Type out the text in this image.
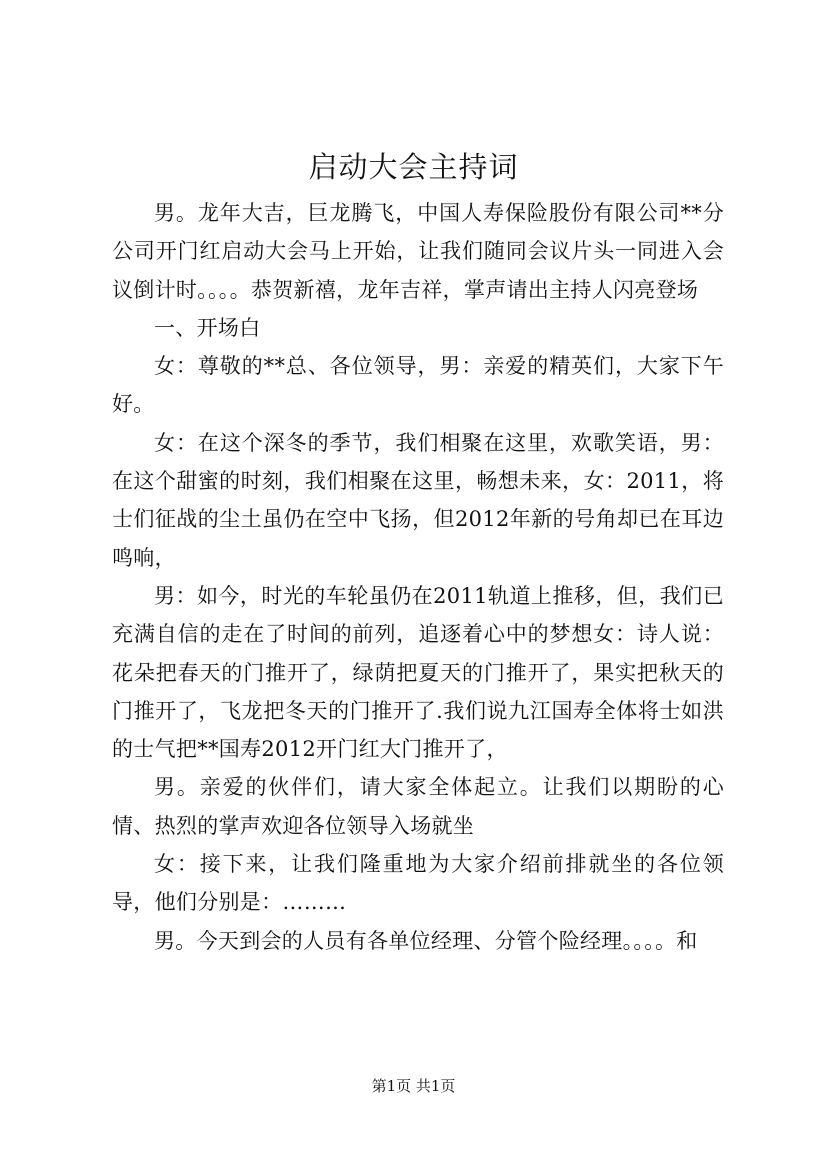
启动大会主持词

男。龙年大吉，巨龙腾飞，中国人寿保险股份有限公司**分公司开门红启动大会马上开始，让我们随同会议片头一同进入会议倒计时。。。。恭贺新禧，龙年吉祥，掌声请出主持人闪亮登场

一、开场白

女：尊敬的**总、各位领导，男：亲爱的精英们，大家下午好。

女：在这个深冬的季节，我们相聚在这里，欢歌笑语，男：在这个甜蜜的时刻，我们相聚在这里，畅想未来，女：2011，将士们征战的尘土虽仍在空中飞扬，但2012年新的号角却已在耳边鸣响，

男：如今，时光的车轮虽仍在2011轨道上推移，但，我们已充满自信的走在了时间的前列，追逐着心中的梦想女：诗人说：花朵把春天的门推开了，绿荫把夏天的门推开了，果实把秋天的门推开了，飞龙把冬天的门推开了.我们说九江国寿全体将士如洪的士气把**国寿2012开门红大门推开了，

男。亲爱的伙伴们，请大家全体起立。让我们以期盼的心情、热烈的掌声欢迎各位领导入场就坐

女：接下来，让我们隆重地为大家介绍前排就坐的各位领导，他们分别是：………

男。今天到会的人员有各单位经理、分管个险经理。。。。和

第1页 共1页
